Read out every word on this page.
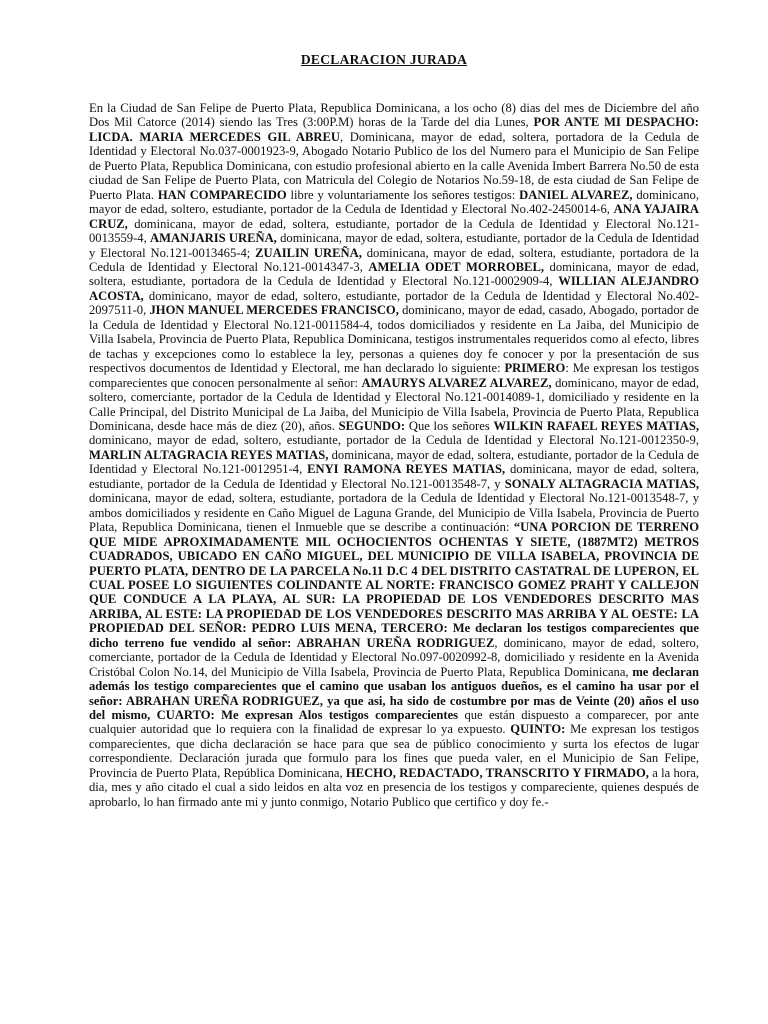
DECLARACION JURADA

En la Ciudad de San Felipe de Puerto Plata, Republica Dominicana, a los ocho (8) dias del mes de Diciembre del año Dos Mil Catorce (2014) siendo las Tres (3:00P.M) horas de la Tarde del dia Lunes, POR ANTE MI DESPACHO: LICDA. MARIA MERCEDES GIL ABREU, Dominicana, mayor de edad, soltera, portadora de la Cedula de Identidad y Electoral No.037-0001923-9, Abogado Notario Publico de los del Numero para el Municipio de San Felipe de Puerto Plata, Republica Dominicana, con estudio profesional abierto en la calle Avenida Imbert Barrera No.50 de esta ciudad de San Felipe de Puerto Plata, con Matricula del Colegio de Notarios No.59-18, de esta ciudad de San Felipe de Puerto Plata. HAN COMPARECIDO libre y voluntariamente los señores testigos: DANIEL ALVAREZ, dominicano, mayor de edad, soltero, estudiante, portador de la Cedula de Identidad y Electoral No.402-2450014-6, ANA YAJAIRA CRUZ, dominicana, mayor de edad, soltera, estudiante, portador de la Cedula de Identidad y Electoral No.121-0013559-4, AMANJARIS UREÑA, dominicana, mayor de edad, soltera, estudiante, portador de la Cedula de Identidad y Electoral No.121-0013465-4; ZUAILIN UREÑA, dominicana, mayor de edad, soltera, estudiante, portadora de la Cedula de Identidad y Electoral No.121-0014347-3, AMELIA ODET MORROBEL, dominicana, mayor de edad, soltera, estudiante, portadora de la Cedula de Identidad y Electoral No.121-0002909-4, WILLIAN ALEJANDRO ACOSTA, dominicano, mayor de edad, soltero, estudiante, portador de la Cedula de Identidad y Electoral No.402-2097511-0, JHON MANUEL MERCEDES FRANCISCO, dominicano, mayor de edad, casado, Abogado, portador de la Cedula de Identidad y Electoral No.121-0011584-4, todos domiciliados y residente en La Jaiba, del Municipio de Villa Isabela, Provincia de Puerto Plata, Republica Dominicana, testigos instrumentales requeridos como al efecto, libres de tachas y excepciones como lo establece la ley, personas a quienes doy fe conocer y por la presentación de sus respectivos documentos de Identidad y Electoral, me han declarado lo siguiente: PRIMERO: Me expresan los testigos comparecientes que conocen personalmente al señor: AMAURYS ALVAREZ ALVAREZ, dominicano, mayor de edad, soltero, comerciante, portador de la Cedula de Identidad y Electoral No.121-0014089-1, domiciliado y residente en la Calle Principal, del Distrito Municipal de La Jaiba, del Municipio de Villa Isabela, Provincia de Puerto Plata, Republica Dominicana, desde hace más de diez (20), años. SEGUNDO: Que los señores WILKIN RAFAEL REYES MATIAS, dominicano, mayor de edad, soltero, estudiante, portador de la Cedula de Identidad y Electoral No.121-0012350-9, MARLIN ALTAGRACIA REYES MATIAS, dominicana, mayor de edad, soltera, estudiante, portador de la Cedula de Identidad y Electoral No.121-0012951-4, ENYI RAMONA REYES MATIAS, dominicana, mayor de edad, soltera, estudiante, portador de la Cedula de Identidad y Electoral No.121-0013548-7, y SONALY ALTAGRACIA MATIAS, dominicana, mayor de edad, soltera, estudiante, portadora de la Cedula de Identidad y Electoral No.121-0013548-7, y ambos domiciliados y residente en Caño Miguel de Laguna Grande, del Municipio de Villa Isabela, Provincia de Puerto Plata, Republica Dominicana, tienen el Inmueble que se describe a continuación: “UNA PORCION DE TERRENO QUE MIDE APROXIMADAMENTE MIL OCHOCIENTOS OCHENTAS Y SIETE, (1887MT2) METROS CUADRADOS, UBICADO EN CAÑO MIGUEL, DEL MUNICIPIO DE VILLA ISABELA, PROVINCIA DE PUERTO PLATA, DENTRO DE LA PARCELA No.11 D.C 4 DEL DISTRITO CASTATRAL DE LUPERON, EL CUAL POSEE LO SIGUIENTES COLINDANTE AL NORTE: FRANCISCO GOMEZ PRAHT Y CALLEJON QUE CONDUCE A LA PLAYA, AL SUR: LA PROPIEDAD DE LOS VENDEDORES DESCRITO MAS ARRIBA, AL ESTE: LA PROPIEDAD DE LOS VENDEDORES DESCRITO MAS ARRIBA Y AL OESTE: LA PROPIEDAD DEL SEÑOR: PEDRO LUIS MENA, TERCERO: Me declaran los testigos comparecientes que dicho terreno fue vendido al señor: ABRAHAN UREÑA RODRIGUEZ, dominicano, mayor de edad, soltero, comerciante, portador de la Cedula de Identidad y Electoral No.097-0020992-8, domiciliado y residente en la Avenida Cristóbal Colon No.14, del Municipio de Villa Isabela, Provincia de Puerto Plata, Republica Dominicana, me declaran además los testigo comparecientes que el camino que usaban los antiguos dueños, es el camino ha usar por el señor: ABRAHAN UREÑA RODRIGUEZ, ya que asi, ha sido de costumbre por mas de Veinte (20) años el uso del mismo, CUARTO: Me expresan Alos testigos comparecientes que están dispuesto a comparecer, por ante cualquier autoridad que lo requiera con la finalidad de expresar lo ya expuesto. QUINTO: Me expresan los testigos comparecientes, que dicha declaración se hace para que sea de público conocimiento y surta los efectos de lugar correspondiente. Declaración jurada que formulo para los fines que pueda valer, en el Municipio de San Felipe, Provincia de Puerto Plata, República Dominicana, HECHO, REDACTADO, TRANSCRITO Y FIRMADO, a la hora, dia, mes y año citado el cual a sido leidos en alta voz en presencia de los testigos y compareciente, quienes después de aprobarlo, lo han firmado ante mi y junto conmigo, Notario Publico que certifico y doy fe.-
